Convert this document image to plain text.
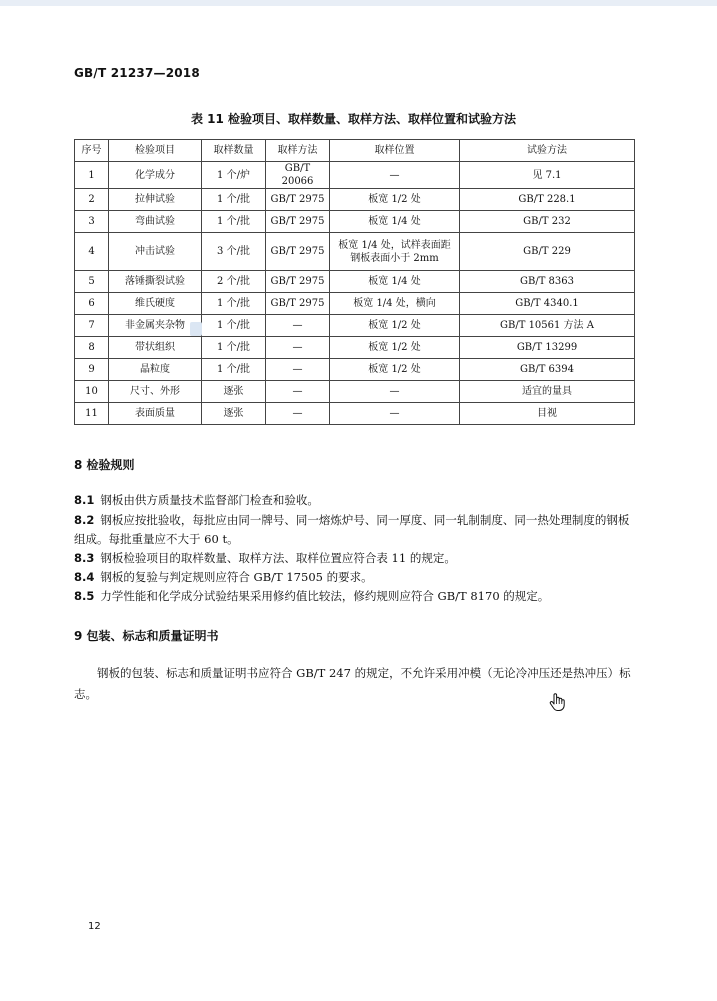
GB/T 21237—2018
表 11 检验项目、取样数量、取样方法、取样位置和试验方法
序号	检验项目	取样数量	取样方法	取样位置	试验方法
1	化学成分	1 个/炉	GB/T 20066	—	见 7.1
2	拉伸试验	1 个/批	GB/T 2975	板宽 1/2 处	GB/T 228.1
3	弯曲试验	1 个/批	GB/T 2975	板宽 1/4 处	GB/T 232
4	冲击试验	3 个/批	GB/T 2975	板宽 1/4 处，试样表面距钢板表面小于 2mm	GB/T 229
5	落锤撕裂试验	2 个/批	GB/T 2975	板宽 1/4 处	GB/T 8363
6	维氏硬度	1 个/批	GB/T 2975	板宽 1/4 处，横向	GB/T 4340.1
7	非金属夹杂物	1 个/批	—	板宽 1/2 处	GB/T 10561 方法 A
8	带状组织	1 个/批	—	板宽 1/2 处	GB/T 13299
9	晶粒度	1 个/批	—	板宽 1/2 处	GB/T 6394
10	尺寸、外形	逐张	—	—	适宜的量具
11	表面质量	逐张	—	—	目视
8 检验规则
8.1 钢板由供方质量技术监督部门检查和验收。
8.2 钢板应按批验收，每批应由同一牌号、同一熔炼炉号、同一厚度、同一轧制制度、同一热处理制度的钢板组成。每批重量应不大于 60 t。
8.3 钢板检验项目的取样数量、取样方法、取样位置应符合表 11 的规定。
8.4 钢板的复验与判定规则应符合 GB/T 17505 的要求。
8.5 力学性能和化学成分试验结果采用修约值比较法，修约规则应符合 GB/T 8170 的规定。
9 包装、标志和质量证明书
钢板的包装、标志和质量证明书应符合 GB/T 247 的规定，不允许采用冲模（无论冷冲压还是热冲压）标志。
12
